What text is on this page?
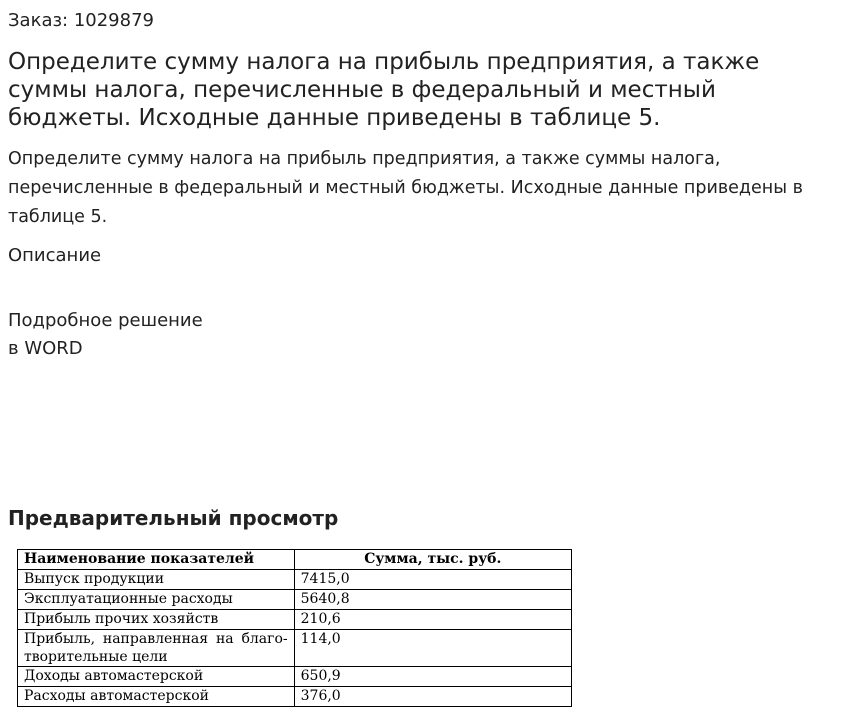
Заказ: 1029879
Определите сумму налога на прибыль предприятия, а также суммы налога, перечисленные в федеральный и местный бюджеты. Исходные данные приведены в таблице 5.

Определите сумму налога на прибыль предприятия, а также суммы налога, перечисленные в федеральный и местный бюджеты. Исходные данные приведены в таблице 5.

Описание
Подробное решение
в WORD
Предварительный просмотр
Наименование показателей	Сумма, тыс. руб.
Выпуск продукции	7415,0
Эксплуатационные расходы	5640,8
Прибыль прочих хозяйств	210,6
Прибыль, направленная на благо-творительные цели	114,0
Доходы автомастерской	650,9
Расходы автомастерской	376,0
